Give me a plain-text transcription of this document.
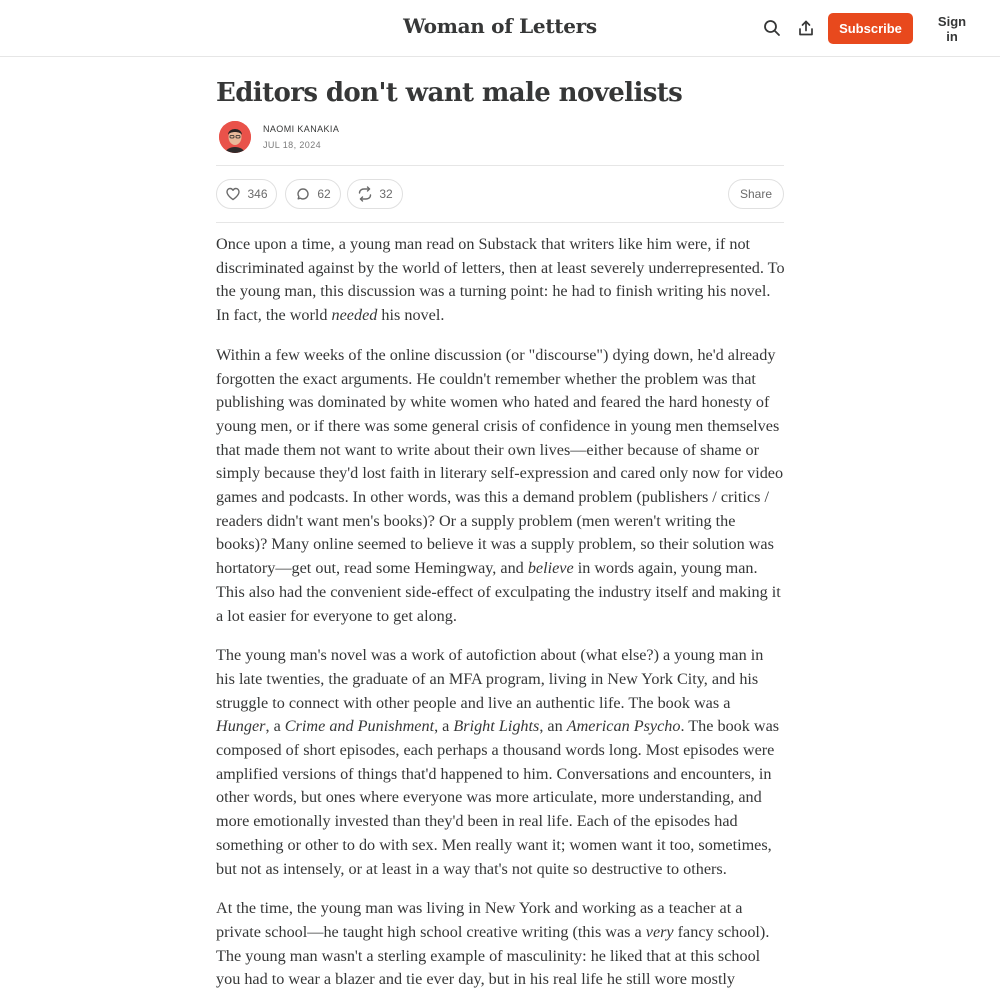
Woman of Letters	Subscribe	Sign in
Editors don't want male novelists
NAOMI KANAKIA
JUL 18, 2024
346	62	32	Share

Once upon a time, a young man read on Substack that writers like him were, if not discriminated against by the world of letters, then at least severely underrepresented. To the young man, this discussion was a turning point: he had to finish writing his novel. In fact, the world needed his novel.

Within a few weeks of the online discussion (or "discourse") dying down, he'd already forgotten the exact arguments. He couldn't remember whether the problem was that publishing was dominated by white women who hated and feared the hard honesty of young men, or if there was some general crisis of confidence in young men themselves that made them not want to write about their own lives—either because of shame or simply because they'd lost faith in literary self-expression and cared only now for video games and podcasts. In other words, was this a demand problem (publishers / critics / readers didn't want men's books)? Or a supply problem (men weren't writing the books)? Many online seemed to believe it was a supply problem, so their solution was hortatory—get out, read some Hemingway, and believe in words again, young man. This also had the convenient side-effect of exculpating the industry itself and making it a lot easier for everyone to get along.

The young man's novel was a work of autofiction about (what else?) a young man in his late twenties, the graduate of an MFA program, living in New York City, and his struggle to connect with other people and live an authentic life. The book was a Hunger, a Crime and Punishment, a Bright Lights, an American Psycho. The book was composed of short episodes, each perhaps a thousand words long. Most episodes were amplified versions of things that'd happened to him. Conversations and encounters, in other words, but ones where everyone was more articulate, more understanding, and more emotionally invested than they'd been in real life. Each of the episodes had something or other to do with sex. Men really want it; women want it too, sometimes, but not as intensely, or at least in a way that's not quite so destructive to others.

At the time, the young man was living in New York and working as a teacher at a private school—he taught high school creative writing (this was a very fancy school). The young man wasn't a sterling example of masculinity: he liked that at this school you had to wear a blazer and tie ever day, but in his real life he still wore mostly
